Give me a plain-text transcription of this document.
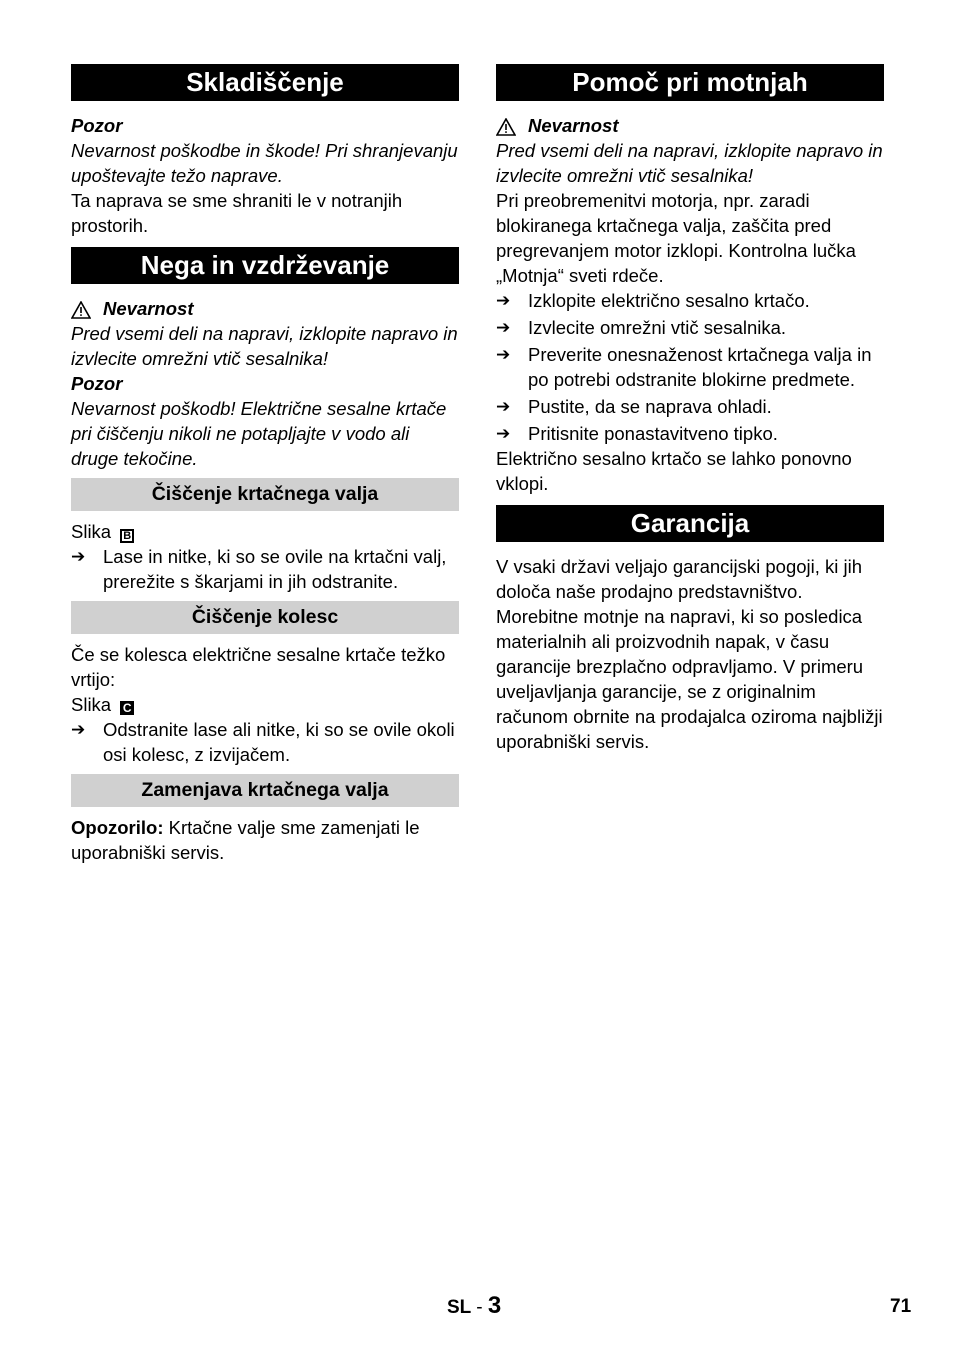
Skladiščenje

Pozor

Nevarnost poškodbe in škode! Pri shranjevanju upoštevajte težo naprave.

Ta naprava se sme shraniti le v notranjih prostorih.

Nega in vzdrževanje
Nevarnost

Pred vsemi deli na napravi, izklopite napravo in izvlecite omrežni vtič sesalnika!

Pozor

Nevarnost poškodb! Električne sesalne krtače pri čiščenju nikoli ne potapljajte v vodo ali druge tekočine.

Čiščenje krtačnega valja

Slika B

➔ Lase in nitke, ki so se ovile na krtačni valj, prerežite s škarjami in jih odstranite.
Čiščenje kolesc

Če se kolesca električne sesalne krtače težko vrtijo:

Slika C

➔ Odstranite lase ali nitke, ki so se ovile okoli osi kolesc, z izvijačem.
Zamenjava krtačnega valja

Opozorilo: Krtačne valje sme zamenjati le uporabniški servis.

Pomoč pri motnjah
Nevarnost

Pred vsemi deli na napravi, izklopite napravo in izvlecite omrežni vtič sesalnika!

Pri preobremenitvi motorja, npr. zaradi blokiranega krtačnega valja, zaščita pred pregrevanjem motor izklopi. Kontrolna lučka „Motnja“ sveti rdeče.

➔ Izklopite električno sesalno krtačo.
➔ Izvlecite omrežni vtič sesalnika.
➔ Preverite onesnaženost krtačnega valja in po potrebi odstranite blokirne predmete.
➔ Pustite, da se naprava ohladi.
➔ Pritisnite ponastavitveno tipko.

Električno sesalno krtačo se lahko ponovno vklopi.

Garancija

V vsaki državi veljajo garancijski pogoji, ki jih določa naše prodajno predstavništvo. Morebitne motnje na napravi, ki so posledica materialnih ali proizvodnih napak, v času garancije brezplačno odpravljamo. V primeru uveljavljanja garancije, se z originalnim računom obrnite na prodajalca oziroma najbližji uporabniški servis.

SL - 3	71
